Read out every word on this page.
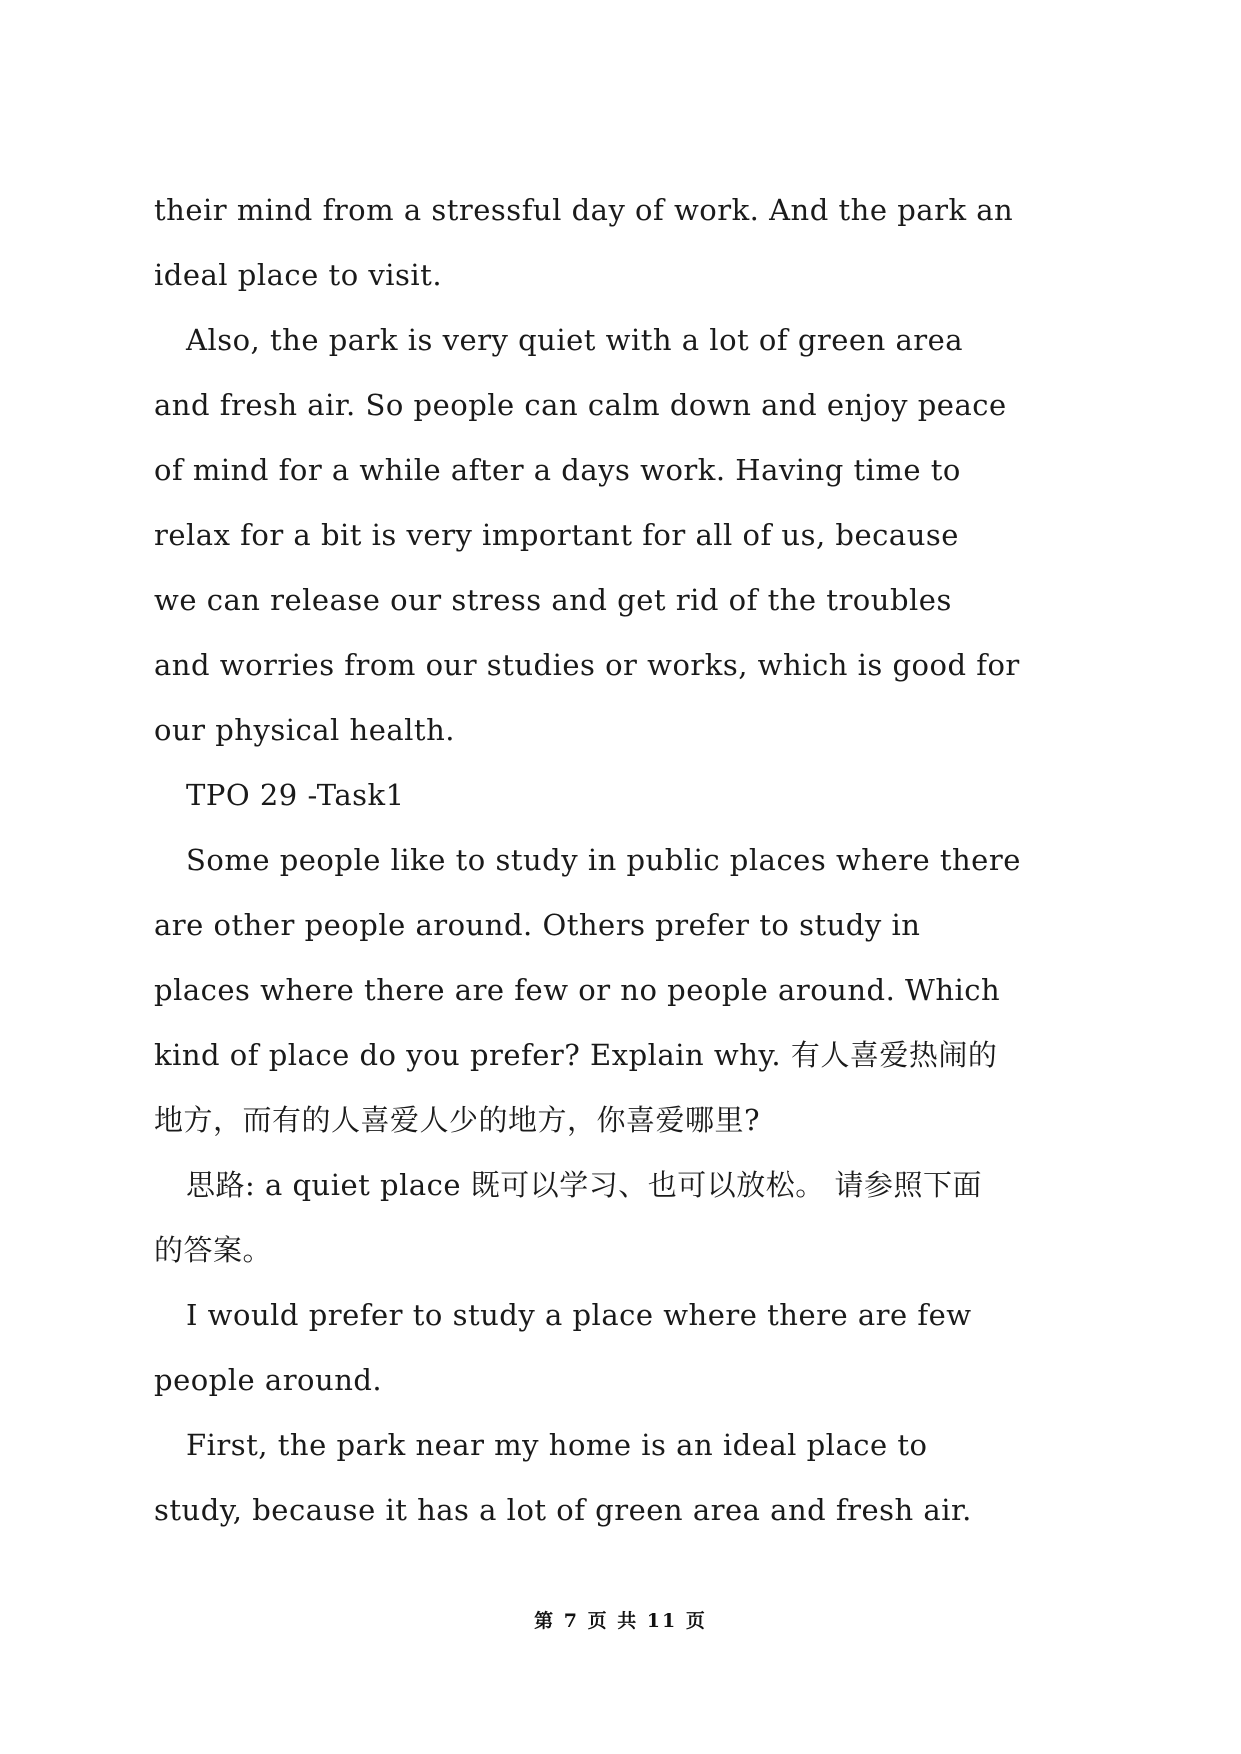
their mind from a stressful day of work. And the park an
ideal place to visit.
Also, the park is very quiet with a lot of green area
and fresh air. So people can calm down and enjoy peace
of mind for a while after a days work. Having time to
relax for a bit is very important for all of us, because
we can release our stress and get rid of the troubles
and worries from our studies or works, which is good for
our physical health.
TPO 29 -Task1
Some people like to study in public places where there
are other people around. Others prefer to study in
places where there are few or no people around. Which
kind of place do you prefer? Explain why. 有人喜爱热闹的
地方，而有的人喜爱人少的地方，你喜爱哪里?
思路: a quiet place 既可以学习、也可以放松。 请参照下面
的答案。
I would prefer to study a place where there are few
people around.
First, the park near my home is an ideal place to
study, because it has a lot of green area and fresh air.
第 7 页 共 11 页
